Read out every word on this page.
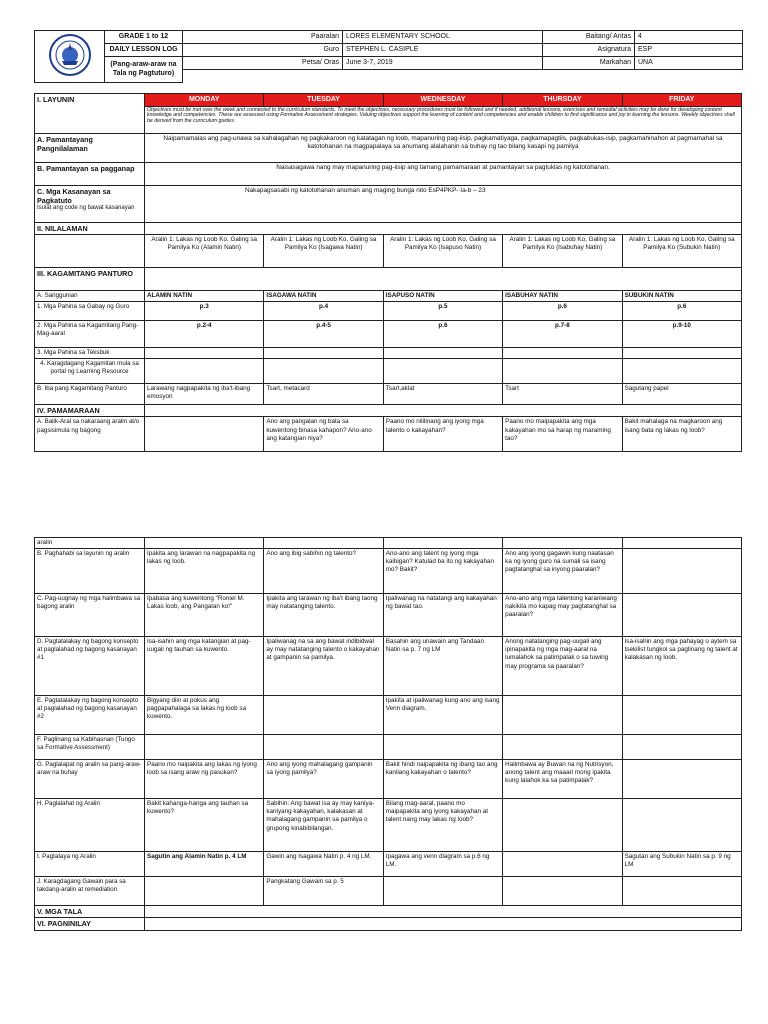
	GRADE 1 to 12	Paaralan	LORES ELEMENTARY SCHOOL	Baitang/ Antas	4
	DAILY LESSON LOG	Guro	STEPHEN L. CASIPLE	Asignatura	ESP
	(Pang-araw-araw na Tala ng Pagtuturo)	Petsa/ Oras	June 3-7, 2019	Markahan	UNA

I. LAYUNIN	MONDAY	TUESDAY	WEDNESDAY	THURSDAY	FRIDAY
	Objectives must be met over the week and connected to the curriculum standards. To meet the objectives, necessary procedures must be followed and if needed, additional lessons, exercises and remedial activities may be done for developing content knowledge and competencies. These are assessed using Formative Assessment strategies. Valuing objectives support the learning of content and competencies and enable children to find significance and joy in learning the lessons. Weekly objectives shall be derived from the curriculum guides.				
A. Pamantayang Pangnilalaman	Naipamamalas ang pag-unawa sa kahalagahan ng pagkakaroon ng katatagan ng loob, mapanuring pag-iisip, pagkamatiyaga, pagkamapagtiis, pagkabukas-isip, pagkamahinahon at pagmamahal sa katotohanan na magpapalaya sa anumang alalahanin sa buhay ng tao bilang kasapi ng pamilya				
B. Pamantayan sa pagganap	Naisasagawa nang may mapanuring pag-iisip ang tamang pamamaraan at pamantayan sa pagtuklas ng katotohanan.				

C. Mga Kasanayan sa Pagkatuto
Isulat ang code ng bawat kasanayan	Nakapagsasabi ng katotohanan anuman ang maging bunga nito EsP4PKP- Ia-b – 23				
II. NILALAMAN					
	Aralin 1: Lakas ng Loob Ko, Galing sa Pamilya Ko (Alamin Natin)	Aralin 1: Lakas ng Loob Ko, Galing sa Pamilya Ko (Isagawa Natin)	Aralin 1: Lakas ng Loob Ko, Galing sa Pamilya Ko (Isapuso Natin)	Aralin 1: Lakas ng Loob Ko, Galing sa Pamilya Ko (Isabuhay Natin)	Aralin 1: Lakas ng Loob Ko, Galing sa Pamilya Ko (Subukin Natin)
III. KAGAMITANG PANTURO					
A. Sanggunian	ALAMIN NATIN	ISAGAWA NATIN	ISAPUSO NATIN	ISABUHAY NATIN	SUBUKIN NATIN
1. Mga Pahina sa Gabay ng Guro	p.3	p.4	p.5	p.6	p.6
2. Mga Pahina sa Kagamitang Pang-Mag-aaral	p.2-4	p.4-5	p.6	p.7-8	p.9-10
3. Mga Pahina sa Teksbuk					
4. Karagdagang Kagamitan mula sa portal ng Learning Resource					
B. Iba pang Kagamitang Panturo	Larawang nagpapakita ng iba't-ibang emosyon	Tsart, metacard	Tsart,aklat	Tsart	Sagutang papel
IV. PAMAMARAAN					
A. Balik-Aral sa nakaraang aralin at/o pagsisimula ng bagong		Ano ang pangalan ng bata sa kuwentong binasa kahapon? Ano-ano ang katangian niya?	Paano mo nililinang ang iyong mga talento o kakayahan?	Paano mo maipapakita ang mga kakayahan mo sa harap ng maraming tao?	Bakit mahalaga na magkaroon ang isang bata ng lakas ng loob?
aralin					
B. Paghahabi sa layunin ng aralin	Ipakita ang larawan na nagpapakita ng lakas ng loob.	Ano ang ibig sabihin ng talento?	Ano-ano ang talent ng iyong mga kaibigan? Katulad ba ito ng kakayahan mo? Bakit?	Ano ang iyong gagawin kung naatasan ka ng iyong guro na sumali sa isang pagtatanghal sa inyong paaralan?	
C. Pag-uugnay ng mga halimbawa sa bagong aralin	Ipabasa ang kuwentong "Roniel M. Lakas loob, ang Pangalan ko!"	Ipakita ang larawan ng iba't ibang taong may natatanging talento.	Ipaliwanag na natatangi ang kakayahan ng bawat tao.	Ano-ano ang mga talentong karaniwang nakikita mo kapag may pagtatanghal sa paaralan?	
D. Pagtatalakay ng bagong konsepto at paglalahad ng bagong kasanayan #1	Isa-isahin ang mga katangian at pag-uugali ng tauhan sa kuwento.	Ipaliwanag na sa ang bawat indibidwal ay may natatanging talento o kakayahan at gampanin sa pamilya.	Basahin ang unawain ang Tandaan Natin sa p. 7 ng LM	Anong natatanging pag-uugali ang ipinapakita ng mga mag-aaral na lumalahok sa patimpalak o sa tuwing may programa sa paaralan?	Isa-isahin ang mga pahayag o aytem sa tsekilist tungkol sa paglinang ng talent at kalakasan ng loob.
E. Pagtatalakay ng bagong konsepto at paglalahad ng bagong kasanayan #2	Bigyang diin at pokus ang pagpapahalaga sa lakas ng loob sa kuwento.		Ipakita at ipaliwanag kung ano ang isang Venn diagram.		
F. Paglinang sa Kabihasnan (Tungo sa Formative Assessment)					
G. Paglalapat ng aralin sa pang-araw-araw na buhay	Paano mo naipakita ang lakas ng iyong loob sa isang araw ng pasukan?	Ano ang iyong mahalagang gampanin sa iyong pamilya?	Bakit hindi naipapakita ng ibang tao ang kanilang kakayahan o talento?	Halimbawa ay Buwan na ng Nutrisyon, anong talent ang maaari mong ipakita kung lalahok ka sa patimpalak?	
H. Paglalahat ng Aralin	Bakit kahanga-hanga ang tauhan sa kuwento?	Sabihin: Ang bawat isa ay may kaniya-kaniyang kakayahan, kalakasan at mahalagang gampanin sa pamilya o grupong kinabibilangan.	Bilang mag-aaral, paano mo maipapakita ang iyong kakayahan at talent nang may lakas ng loob?		
I. Pagtataya ng Aralin	Sagutin ang Alamin Natin p. 4 LM	Gawin ang Isagawa Natin p. 4 ng LM.	Ipagawa ang venn diagram sa p.6 ng LM.		Sagutan ang Subukin Natin sa p. 9 ng LM
J. Karagdagang Gawain para sa takdang-aralin at remediation		Pangkatang Gawain sa p. 5			
V. MGA TALA					
VI. PAGNINILAY					
